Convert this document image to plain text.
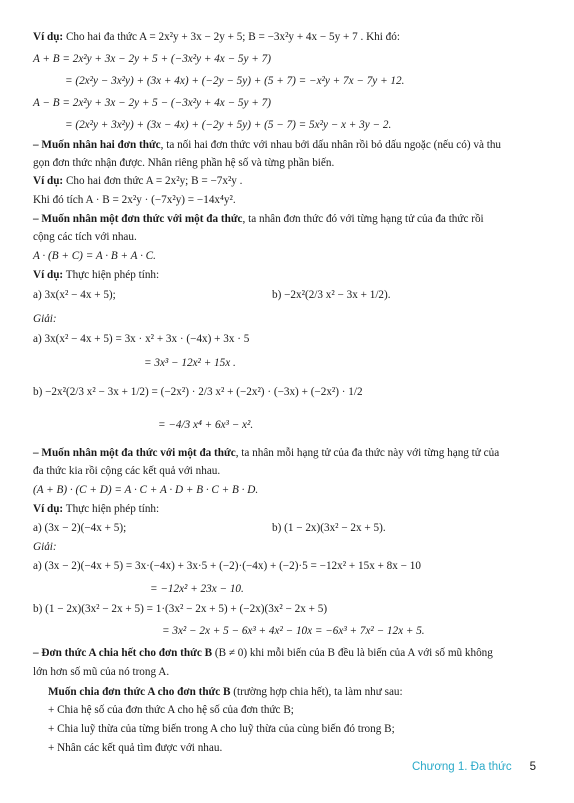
Ví dụ: Cho hai đa thức A = 2x²y + 3x − 2y + 5; B = −3x²y + 4x − 5y + 7 . Khi đó:
A + B = 2x²y + 3x − 2y + 5 + (−3x²y + 4x − 5y + 7)
= (2x²y − 3x²y) + (3x + 4x) + (−2y − 5y) + (5 + 7) = −x²y + 7x − 7y + 12.
A − B = 2x²y + 3x − 2y + 5 − (−3x²y + 4x − 5y + 7)
= (2x²y + 3x²y) + (3x − 4x) + (−2y + 5y) + (5 − 7) = 5x²y − x + 3y − 2.
– Muốn nhân hai đơn thức, ta nối hai đơn thức với nhau bởi dấu nhân rồi bỏ dấu ngoặc (nếu có) và thu
gọn đơn thức nhận được. Nhân riêng phần hệ số và từng phần biến.
Ví dụ: Cho hai đơn thức A = 2x²y; B = −7x²y .
Khi đó tích A · B = 2x²y · (−7x²y) = −14x⁴y².
– Muốn nhân một đơn thức với một đa thức, ta nhân đơn thức đó với từng hạng tử của đa thức rồi
cộng các tích với nhau.
A · (B + C) = A · B + A · C.
Ví dụ: Thực hiện phép tính:
a) 3x(x² − 4x + 5);	b) −2x²(2/3 x² − 3x + 1/2).
Giải:
a) 3x(x² − 4x + 5) = 3x · x² + 3x · (−4x) + 3x · 5
= 3x³ − 12x² + 15x .
b) −2x²(2/3 x² − 3x + 1/2) = (−2x²) · 2/3 x² + (−2x²) · (−3x) + (−2x²) · 1/2
= −4/3 x⁴ + 6x³ − x².
– Muốn nhân một đa thức với một đa thức, ta nhân mỗi hạng tử của đa thức này với từng hạng tử của
đa thức kia rồi cộng các kết quả với nhau.
(A + B) · (C + D) = A · C + A · D + B · C + B · D.
Ví dụ: Thực hiện phép tính:
a) (3x − 2)(−4x + 5);	b) (1 − 2x)(3x² − 2x + 5).
Giải:
a) (3x − 2)(−4x + 5) = 3x·(−4x) + 3x·5 + (−2)·(−4x) + (−2)·5 = −12x² + 15x + 8x − 10
= −12x² + 23x − 10.
b) (1 − 2x)(3x² − 2x + 5) = 1·(3x² − 2x + 5) + (−2x)(3x² − 2x + 5)
= 3x² − 2x + 5 − 6x³ + 4x² − 10x = −6x³ + 7x² − 12x + 5.
– Đơn thức A chia hết cho đơn thức B (B ≠ 0) khi mỗi biến của B đều là biến của A với số mũ không
lớn hơn số mũ của nó trong A.
Muốn chia đơn thức A cho đơn thức B (trường hợp chia hết), ta làm như sau:
+ Chia hệ số của đơn thức A cho hệ số của đơn thức B;
+ Chia luỹ thừa của từng biến trong A cho luỹ thừa của cùng biến đó trong B;
+ Nhân các kết quả tìm được với nhau.
Chương 1. Đa thức 5
